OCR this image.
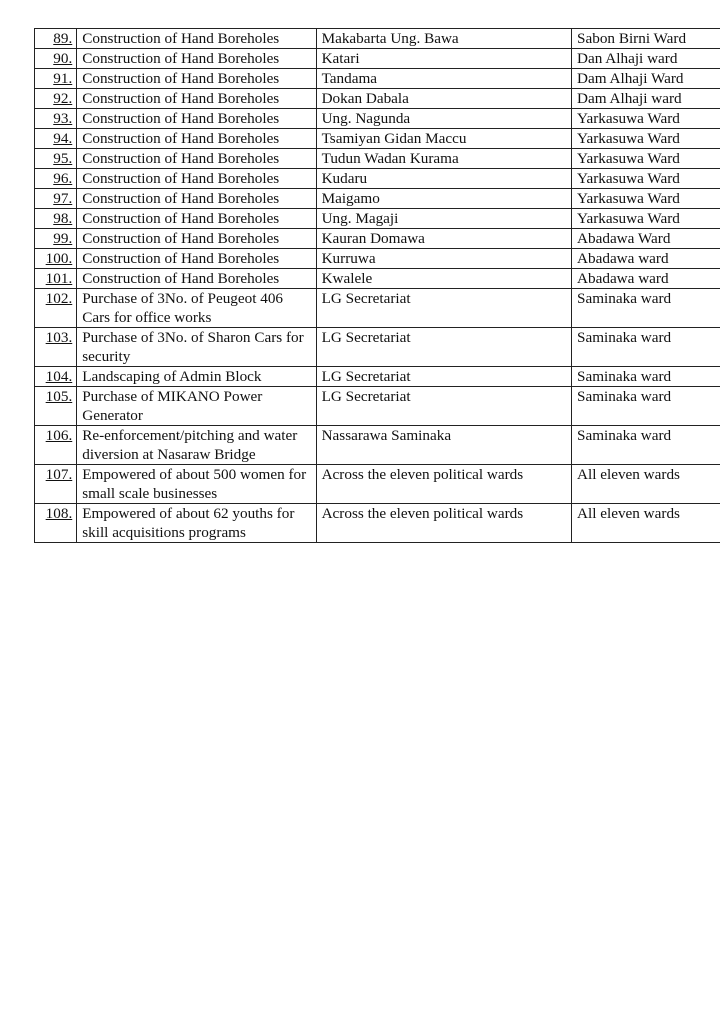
89.	Construction of Hand Boreholes	Makabarta Ung. Bawa	Sabon Birni Ward
90.	Construction of Hand Boreholes	Katari	Dan Alhaji ward
91.	Construction of Hand Boreholes	Tandama	Dam Alhaji Ward
92.	Construction of Hand Boreholes	Dokan Dabala	Dam Alhaji ward
93.	Construction of Hand Boreholes	Ung. Nagunda	Yarkasuwa Ward
94.	Construction of Hand Boreholes	Tsamiyan Gidan Maccu	Yarkasuwa Ward
95.	Construction of Hand Boreholes	Tudun Wadan Kurama	Yarkasuwa Ward
96.	Construction of Hand Boreholes	Kudaru	Yarkasuwa Ward
97.	Construction of Hand Boreholes	Maigamo	Yarkasuwa Ward
98.	Construction of Hand Boreholes	Ung. Magaji	Yarkasuwa Ward
99.	Construction of Hand Boreholes	Kauran Domawa	Abadawa Ward
100.	Construction of Hand Boreholes	Kurruwa	Abadawa ward
101.	Construction of Hand Boreholes	Kwalele	Abadawa ward
102.	Purchase of 3No. of Peugeot 406 Cars for office works	LG Secretariat	Saminaka ward
103.	Purchase of 3No. of Sharon Cars for security	LG Secretariat	Saminaka ward
104.	Landscaping of Admin Block	LG Secretariat	Saminaka ward
105.	Purchase of MIKANO Power Generator	LG Secretariat	Saminaka ward
106.	Re-enforcement/pitching and water diversion at Nasaraw Bridge	Nassarawa Saminaka	Saminaka ward
107.	Empowered of about 500 women for small scale businesses	Across the eleven political wards	All eleven wards
108.	Empowered of about 62 youths for skill acquisitions programs	Across the eleven political wards	All eleven wards
